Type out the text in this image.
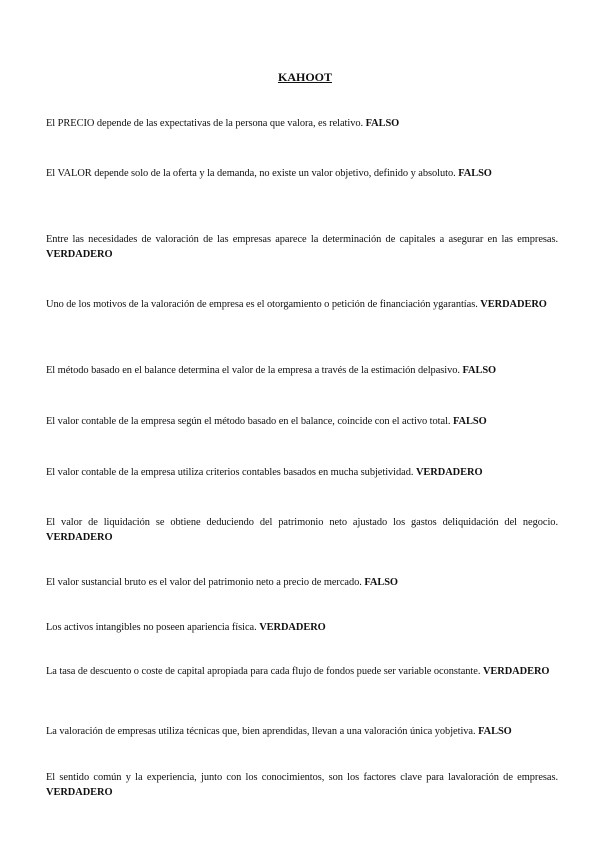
KAHOOT

El PRECIO depende de las expectativas de la persona que valora, es relativo. FALSO

El VALOR depende solo de la oferta y la demanda, no existe un valor objetivo, definido y absoluto. FALSO

Entre las necesidades de valoración de las empresas aparece la determinación de capitales a asegurar en las empresas. VERDADERO

Uno de los motivos de la valoración de empresa es el otorgamiento o petición de financiación ygarantías. VERDADERO

El método basado en el balance determina el valor de la empresa a través de la estimación delpasivo. FALSO

El valor contable de la empresa según el método basado en el balance, coincide con el activo total. FALSO

El valor contable de la empresa utiliza criterios contables basados en mucha subjetividad. VERDADERO

El valor de liquidación se obtiene deduciendo del patrimonio neto ajustado los gastos deliquidación del negocio. VERDADERO

El valor sustancial bruto es el valor del patrimonio neto a precio de mercado. FALSO

Los activos intangibles no poseen apariencia física. VERDADERO

La tasa de descuento o coste de capital apropiada para cada flujo de fondos puede ser variable oconstante. VERDADERO

La valoración de empresas utiliza técnicas que, bien aprendidas, llevan a una valoración única yobjetiva. FALSO

El sentido común y la experiencia, junto con los conocimientos, son los factores clave para lavaloración de empresas. VERDADERO
